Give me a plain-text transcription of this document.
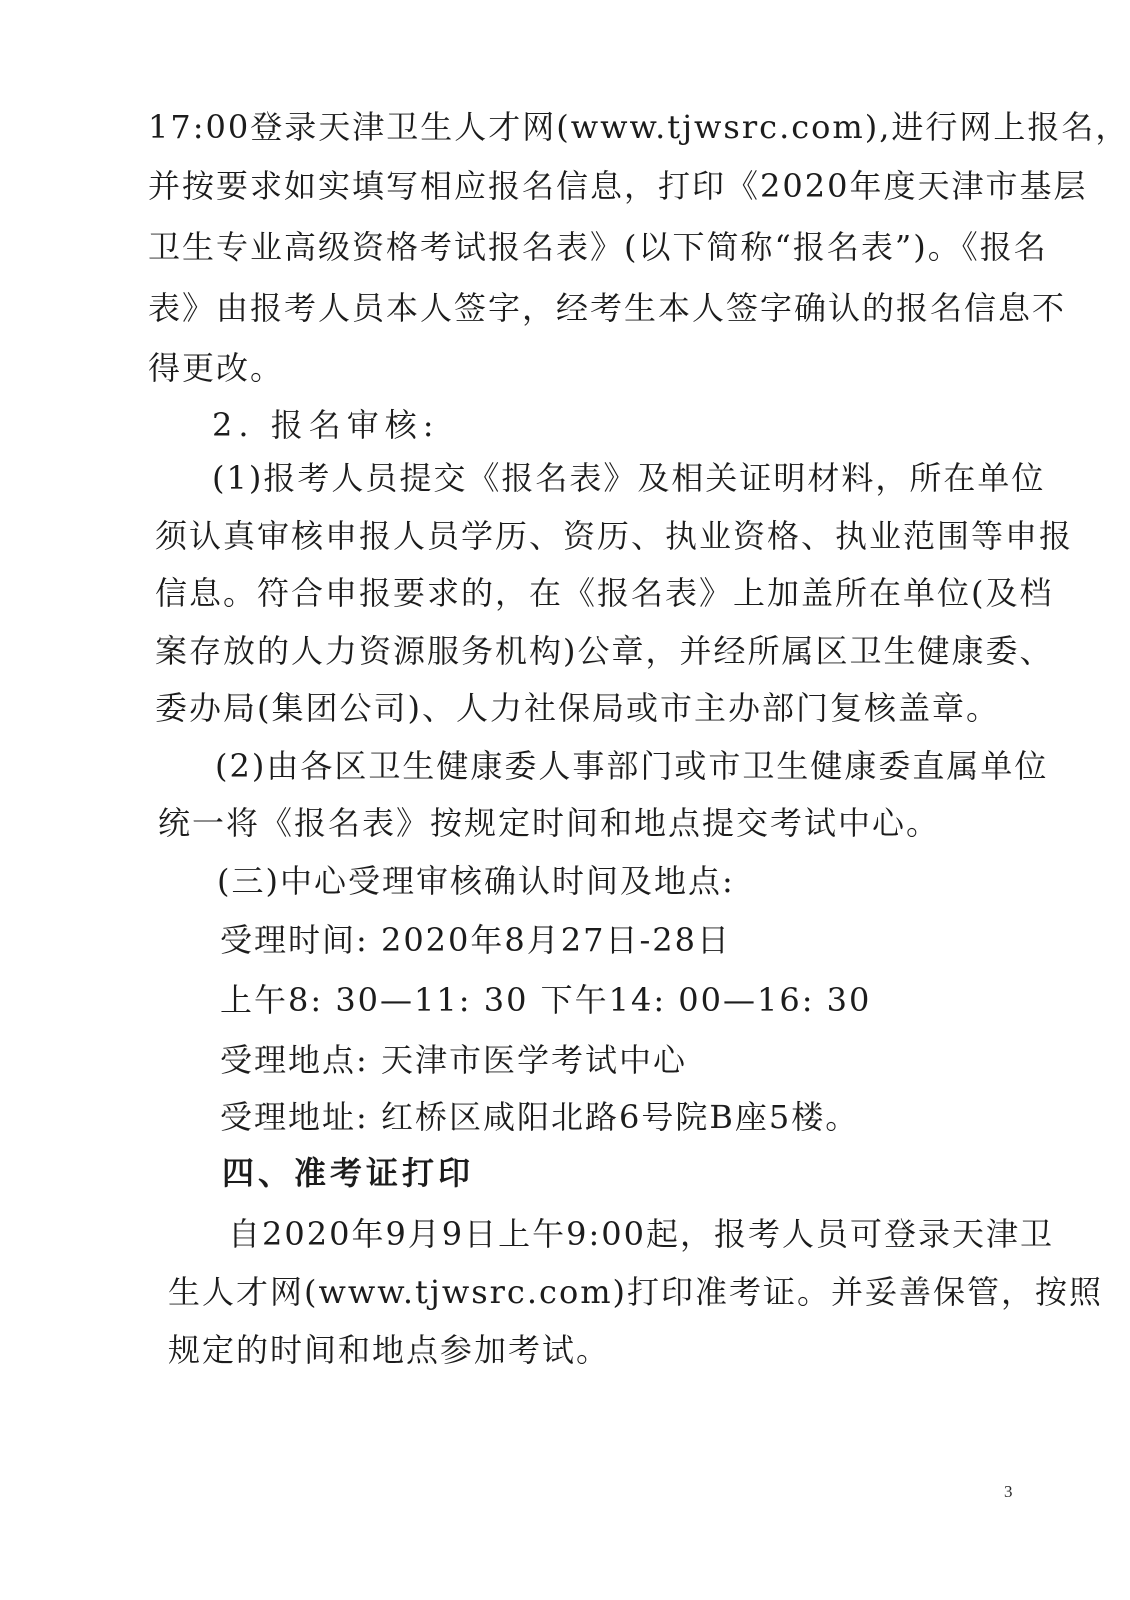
17:00登录天津卫生人才网(www.tjwsrc.com),进行网上报名，
并按要求如实填写相应报名信息，打印《2020年度天津市基层
卫生专业高级资格考试报名表》(以下简称“报名表”)。《报名
表》由报考人员本人签字，经考生本人签字确认的报名信息不
得更改。
2. 报名审核:
(1)报考人员提交《报名表》及相关证明材料，所在单位
须认真审核申报人员学历、资历、执业资格、执业范围等申报
信息。符合申报要求的，在《报名表》上加盖所在单位(及档
案存放的人力资源服务机构)公章，并经所属区卫生健康委、
委办局(集团公司)、人力社保局或市主办部门复核盖章。
(2)由各区卫生健康委人事部门或市卫生健康委直属单位
统一将《报名表》按规定时间和地点提交考试中心。
(三)中心受理审核确认时间及地点:
受理时间: 2020年8月27日-28日
上午8: 30—11: 30 下午14: 00—16: 30
受理地点: 天津市医学考试中心
受理地址: 红桥区咸阳北路6号院B座5楼。
四、准考证打印
自2020年9月9日上午9:00起，报考人员可登录天津卫
生人才网(www.tjwsrc.com)打印准考证。并妥善保管，按照
规定的时间和地点参加考试。
3
